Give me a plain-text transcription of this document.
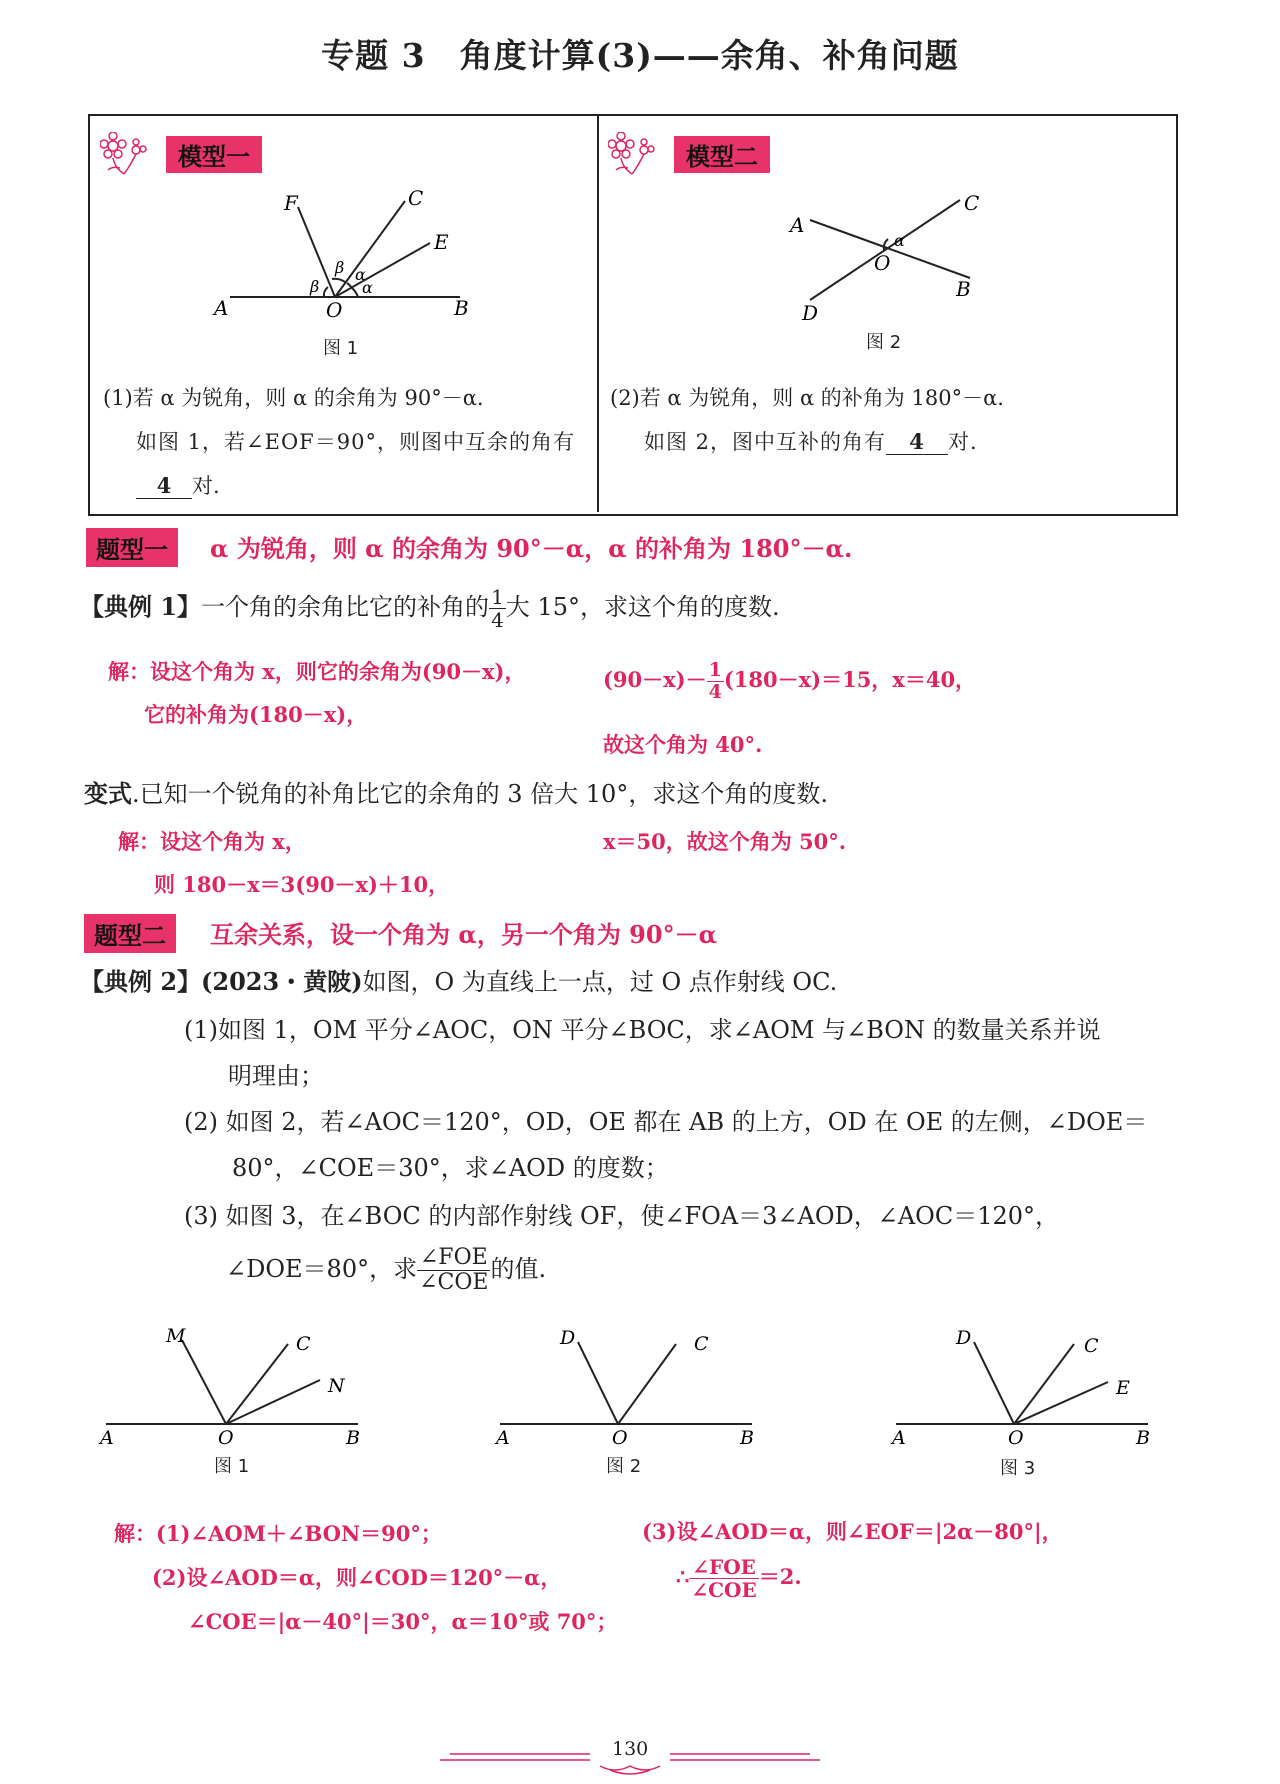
专题 3　角度计算(3)——余角、补角问题
模型一
F	C
E
A	O	B
β
β α
α
图 1
(1)若 α 为锐角，则 α 的余角为 90°－α.
如图 1，若∠EOF＝90°，则图中互余的角有
4 对.
模型二
A
C
O
α
D
B
图 2
(2)若 α 为锐角，则 α 的补角为 180°－α.
如图 2，图中互补的角有 4 对.
题型一	α 为锐角，则 α 的余角为 90°－α，α 的补角为 180°－α.
【典例 1】一个角的余角比它的补角的 $\frac{1}{4}$ 大 15°，求这个角的度数.
解：设这个角为 x，则它的余角为(90－x)，
它的补角为(180－x)，
$(90-x)- \frac{1}{4} (180-x)=15$，x＝40，
故这个角为 40°.
变式.已知一个锐角的补角比它的余角的 3 倍大 10°，求这个角的度数.
解：设这个角为 x，
则 180－x＝3(90－x)＋10，
x＝50，故这个角为 50°.
题型二	互余关系，设一个角为 α，另一个角为 90°－α
【典例 2】(2023・黄陂)如图，O 为直线上一点，过 O 点作射线 OC.
(1)如图 1，OM 平分∠AOC，ON 平分∠BOC，求∠AOM 与∠BON 的数量关系并说
明理由；
(2) 如图 2，若∠AOC＝120°，OD，OE 都在 AB 的上方，OD 在 OE 的左侧，∠DOE＝
80°，∠COE＝30°，求∠AOD 的度数；
(3) 如图 3，在∠BOC 的内部作射线 OF，使∠FOA＝3∠AOD，∠AOC＝120°，
∠DOE＝80°，求 $\frac{\text{∠FOE}}{\text{∠COE}}$ 的值.
M	C
N
A	O	B
图 1
D	C
A	O	B
图 2
D	C
E
A	O	B
图 3
解：(1)∠AOM＋∠BON＝90°；
(2)设∠AOD＝α，则∠COD＝120°－α，
∠COE＝|α－40°|＝30°，α＝10°或 70°；
(3)设∠AOD＝α，则∠EOF＝|2α－80°|，
∴ $\frac{\text{∠FOE}}{\text{∠COE}} =2$.
130
